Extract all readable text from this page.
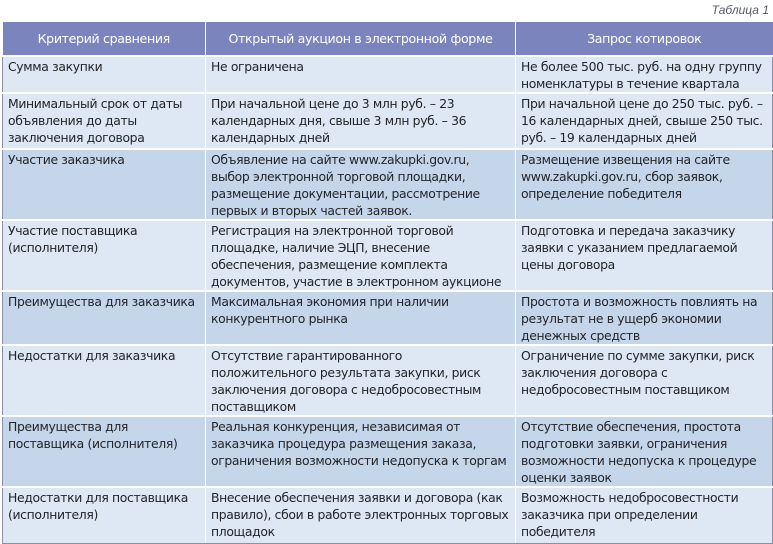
Таблица 1
Критерий сравнения	Открытый аукцион в электронной форме	Запрос котировок
Сумма закупки	Не ограничена	Не более 500 тыс. руб. на одну группу номенклатуры в течение квартала
Минимальный срок от даты объявления до даты заключения договора	При начальной цене до 3 млн руб. – 23 календарных дня, свыше 3 млн руб. – 36 календарных дней	При начальной цене до 250 тыс. руб. – 16 календарных дней, свыше 250 тыс. руб. – 19 календарных дней
Участие заказчика	Объявление на сайте www.zakupki.gov.ru, выбор электронной торговой площадки, размещение документации, рассмотрение первых и вторых частей заявок.	Размещение извещения на сайте www.zakupki.gov.ru, сбор заявок, определение победителя
Участие поставщика (исполнителя)	Регистрация на электронной торговой площадке, наличие ЭЦП, внесение обеспечения, размещение комплекта документов, участие в электронном аукционе	Подготовка и передача заказчику заявки с указанием предлагаемой цены договора
Преимущества для заказчика	Максимальная экономия при наличии конкурентного рынка	Простота и возможность повлиять на результат не в ущерб экономии денежных средств
Недостатки для заказчика	Отсутствие гарантированного положительного результата закупки, риск заключения договора с недобросовестным поставщиком	Ограничение по сумме закупки, риск заключения договора с недобросовестным поставщиком
Преимущества для поставщика (исполнителя)	Реальная конкуренция, независимая от заказчика процедура размещения заказа, ограничения возможности недопуска к торгам	Отсутствие обеспечения, простота подготовки заявки, ограничения возможности недопуска к процедуре оценки заявок
Недостатки для поставщика (исполнителя)	Внесение обеспечения заявки и договора (как правило), сбои в работе электронных торговых площадок	Возможность недобросовестности заказчика при определении победителя
